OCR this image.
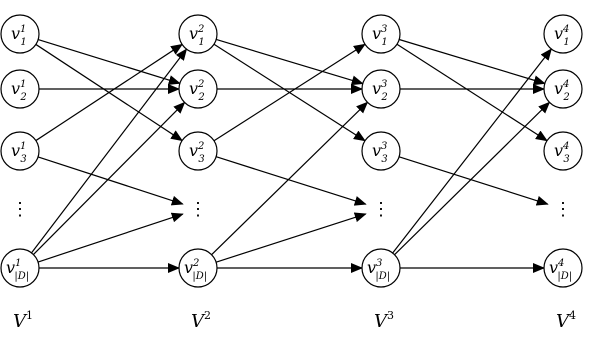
$v^1$ 1
$v^1$ 2
$v^1$ 3
⋮
$v^1$ |D|
$v^2$ 1
$v^2$ 2
$v^2$ 3
⋮
$v^2$ |D|
$v^3$ 1
$v^3$ 2
$v^3$ 3
⋮
$v^3$ |D|
$v^4$ 1
$v^4$ 2
$v^4$ 3
⋮
$v^4$ |D|
$V^1$	$V^2$	$V^3$	$V^4$
